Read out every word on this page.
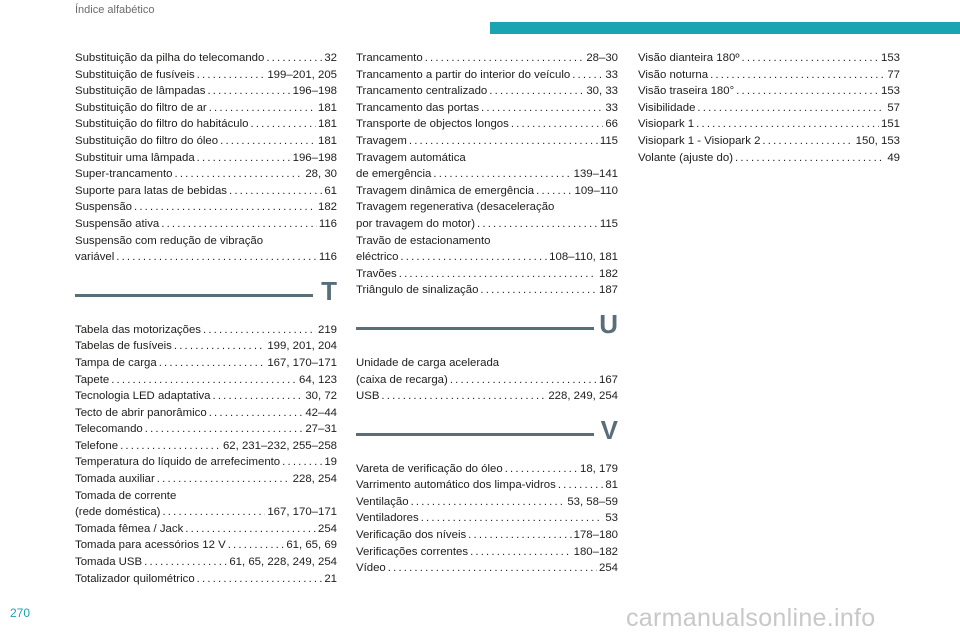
Índice alfabético
Substituição da pilha do telecomando . . .	32
Substituição de fusíveis . . .	199–201, 205
Substituição de lâmpadas . . .	196–198
Substituição do filtro de ar . . .	181
Substituição do filtro do habitáculo . . .	181
Substituição do filtro do óleo . . .	181
Substituir uma lâmpada . . .	196–198
Super-trancamento . . .	28, 30
Suporte para latas de bebidas . . .	61
Suspensão . . .	182
Suspensão ativa . . .	116
Suspensão com redução de vibração
variável . . .	116
T
Tabela das motorizações . . .	219
Tabelas de fusíveis . . .	199, 201, 204
Tampa de carga . . .	167, 170–171
Tapete . . .	64, 123
Tecnologia LED adaptativa . . .	30, 72
Tecto de abrir panorâmico . . .	42–44
Telecomando . . .	27–31
Telefone . . .	62, 231–232, 255–258
Temperatura do líquido de arrefecimento . . .	19
Tomada auxiliar . . .	228, 254
Tomada de corrente
(rede doméstica) . . .	167, 170–171
Tomada fêmea / Jack . . .	254
Tomada para acessórios 12 V . . .	61, 65, 69
Tomada USB . . .	61, 65, 228, 249, 254
Totalizador quilométrico . . .	21
Trancamento . . .	28–30
Trancamento a partir do interior do veículo . . .	33
Trancamento centralizado . . .	30, 33
Trancamento das portas . . .	33
Transporte de objectos longos . . .	66
Travagem . . .	115
Travagem automática
de emergência . . .	139–141
Travagem dinâmica de emergência . . .	109–110
Travagem regenerativa (desaceleração
por travagem do motor) . . .	115
Travão de estacionamento
eléctrico . . .	108–110, 181
Travões . . .	182
Triângulo de sinalização . . .	187
U
Unidade de carga acelerada
(caixa de recarga) . . .	167
USB . . .	228, 249, 254
V
Vareta de verificação do óleo . . .	18, 179
Varrimento automático dos limpa-vidros . . .	81
Ventilação . . .	53, 58–59
Ventiladores . . .	53
Verificação dos níveis . . .	178–180
Verificações correntes . . .	180–182
Vídeo . . .	254
Visão dianteira 180º . . .	153
Visão noturna . . .	77
Visão traseira 180° . . .	153
Visibilidade . . .	57
Visiopark 1 . . .	151
Visiopark 1 - Visiopark 2 . . .	150, 153
Volante (ajuste do) . . .	49
270	carmanualsonline.info
